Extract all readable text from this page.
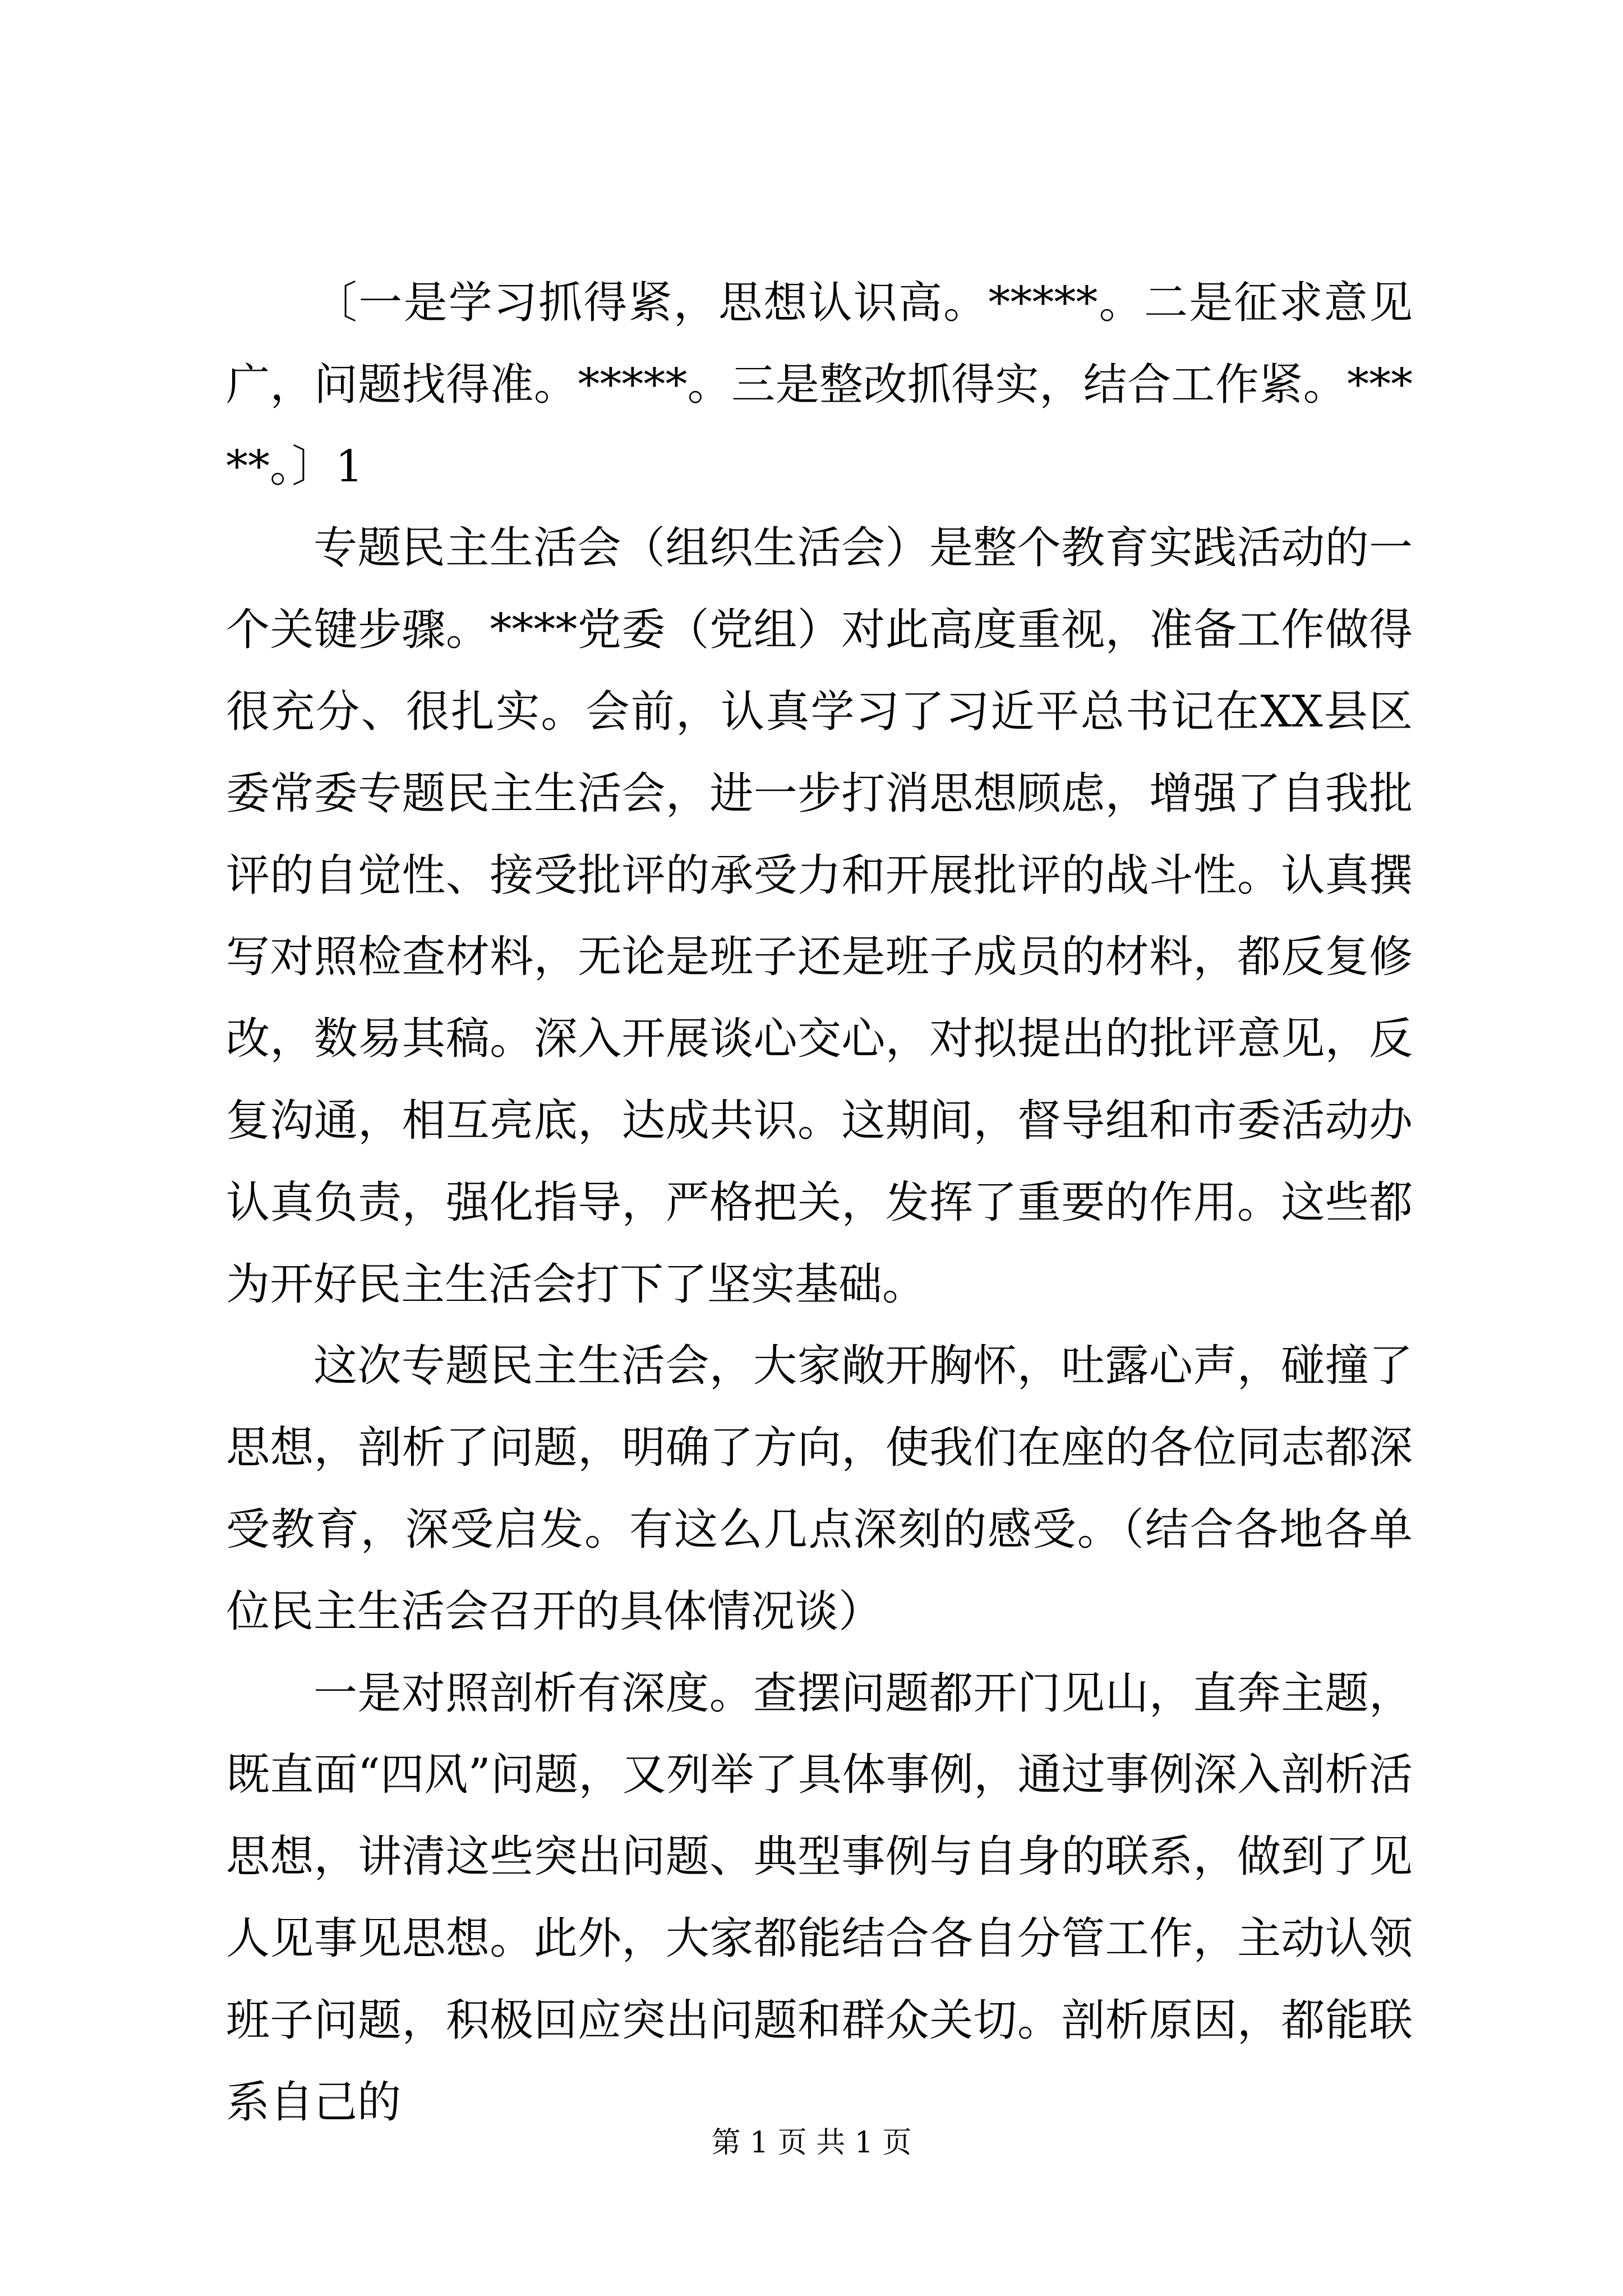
〔一是学习抓得紧，思想认识高。*****。二是征求意见广，问题找得准。*****。三是整改抓得实，结合工作紧。*****。〕1

专题民主生活会（组织生活会）是整个教育实践活动的一个关键步骤。****党委（党组）对此高度重视，准备工作做得很充分、很扎实。会前，认真学习了习近平总书记在XX县区委常委专题民主生活会，进一步打消思想顾虑，增强了自我批评的自觉性、接受批评的承受力和开展批评的战斗性。认真撰写对照检查材料，无论是班子还是班子成员的材料，都反复修改，数易其稿。深入开展谈心交心，对拟提出的批评意见，反复沟通，相互亮底，达成共识。这期间，督导组和市委活动办认真负责，强化指导，严格把关，发挥了重要的作用。这些都为开好民主生活会打下了坚实基础。

这次专题民主生活会，大家敞开胸怀，吐露心声，碰撞了思想，剖析了问题，明确了方向，使我们在座的各位同志都深受教育，深受启发。有这么几点深刻的感受。（结合各地各单位民主生活会召开的具体情况谈）

一是对照剖析有深度。查摆问题都开门见山，直奔主题，既直面“四风”问题，又列举了具体事例，通过事例深入剖析活思想，讲清这些突出问题、典型事例与自身的联系，做到了见人见事见思想。此外，大家都能结合各自分管工作，主动认领班子问题，积极回应突出问题和群众关切。剖析原因，都能联系自己的

第 1 页 共 1 页
